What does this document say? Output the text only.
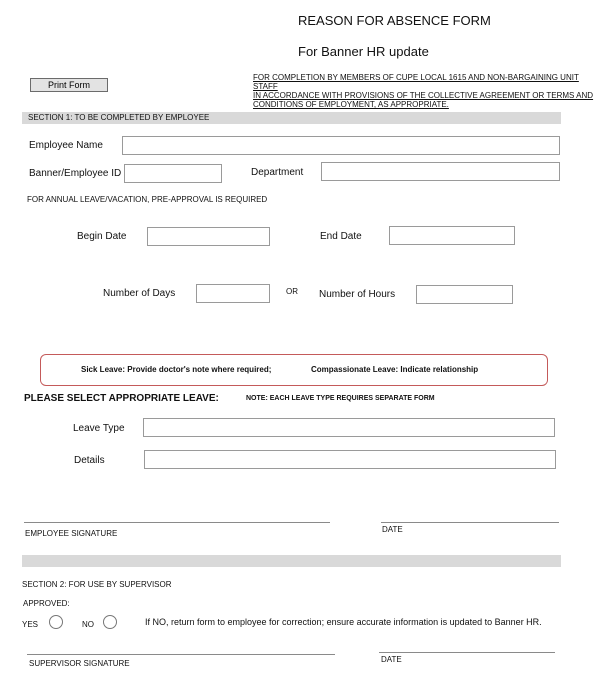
REASON FOR ABSENCE FORM
For Banner HR update
Print Form
FOR COMPLETION BY MEMBERS OF CUPE LOCAL 1615 AND NON-BARGAINING UNIT STAFF
IN ACCORDANCE WITH PROVISIONS OF THE COLLECTIVE AGREEMENT OR TERMS AND
CONDITIONS OF EMPLOYMENT, AS APPROPRIATE.
SECTION 1: TO BE COMPLETED BY EMPLOYEE
Employee Name
Banner/Employee ID	Department
FOR ANNUAL LEAVE/VACATION, PRE-APPROVAL IS REQUIRED
Begin Date	End Date
Number of Days	OR Number of Hours
Sick Leave: Provide doctor's note where required;	Compassionate Leave: Indicate relationship
PLEASE SELECT APPROPRIATE LEAVE:	NOTE: EACH LEAVE TYPE REQUIRES SEPARATE FORM
Leave Type
Details
EMPLOYEE SIGNATURE	DATE
SECTION 2: FOR USE BY SUPERVISOR
APPROVED:
YES	NO	If NO, return form to employee for correction; ensure accurate information is updated to Banner HR.
SUPERVISOR SIGNATURE	DATE
